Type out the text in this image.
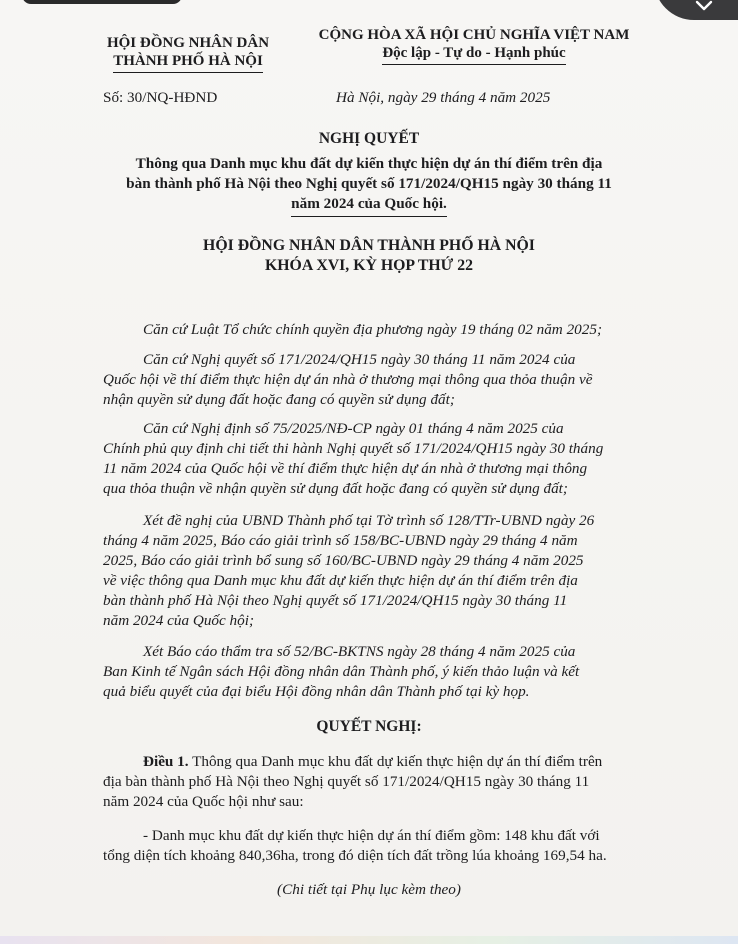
HỘI ĐỒNG NHÂN DÂN
THÀNH PHỐ HÀ NỘI
CỘNG HÒA XÃ HỘI CHỦ NGHĨA VIỆT NAM
Độc lập - Tự do - Hạnh phúc
Số: 30/NQ-HĐND	Hà Nội, ngày 29 tháng 4 năm 2025
NGHỊ QUYẾT
Thông qua Danh mục khu đất dự kiến thực hiện dự án thí điểm trên địa
bàn thành phố Hà Nội theo Nghị quyết số 171/2024/QH15 ngày 30 tháng 11
năm 2024 của Quốc hội.
HỘI ĐỒNG NHÂN DÂN THÀNH PHỐ HÀ NỘI
KHÓA XVI, KỲ HỌP THỨ 22
Căn cứ Luật Tổ chức chính quyền địa phương ngày 19 tháng 02 năm 2025;
Căn cứ Nghị quyết số 171/2024/QH15 ngày 30 tháng 11 năm 2024 của
Quốc hội về thí điểm thực hiện dự án nhà ở thương mại thông qua thỏa thuận về
nhận quyền sử dụng đất hoặc đang có quyền sử dụng đất;
Căn cứ Nghị định số 75/2025/NĐ-CP ngày 01 tháng 4 năm 2025 của
Chính phủ quy định chi tiết thi hành Nghị quyết số 171/2024/QH15 ngày 30 tháng
11 năm 2024 của Quốc hội về thí điểm thực hiện dự án nhà ở thương mại thông
qua thỏa thuận về nhận quyền sử dụng đất hoặc đang có quyền sử dụng đất;
Xét đề nghị của UBND Thành phố tại Tờ trình số 128/TTr-UBND ngày 26
tháng 4 năm 2025, Báo cáo giải trình số 158/BC-UBND ngày 29 tháng 4 năm
2025, Báo cáo giải trình bổ sung số 160/BC-UBND ngày 29 tháng 4 năm 2025
về việc thông qua Danh mục khu đất dự kiến thực hiện dự án thí điểm trên địa
bàn thành phố Hà Nội theo Nghị quyết số 171/2024/QH15 ngày 30 tháng 11
năm 2024 của Quốc hội;
Xét Báo cáo thẩm tra số 52/BC-BKTNS ngày 28 tháng 4 năm 2025 của
Ban Kinh tế Ngân sách Hội đồng nhân dân Thành phố, ý kiến thảo luận và kết
quả biểu quyết của đại biểu Hội đồng nhân dân Thành phố tại kỳ họp.
QUYẾT NGHỊ:
Điều 1. Thông qua Danh mục khu đất dự kiến thực hiện dự án thí điểm trên
địa bàn thành phố Hà Nội theo Nghị quyết số 171/2024/QH15 ngày 30 tháng 11
năm 2024 của Quốc hội như sau:
- Danh mục khu đất dự kiến thực hiện dự án thí điểm gồm: 148 khu đất với
tổng diện tích khoảng 840,36ha, trong đó diện tích đất trồng lúa khoảng 169,54 ha.
(Chi tiết tại Phụ lục kèm theo)
